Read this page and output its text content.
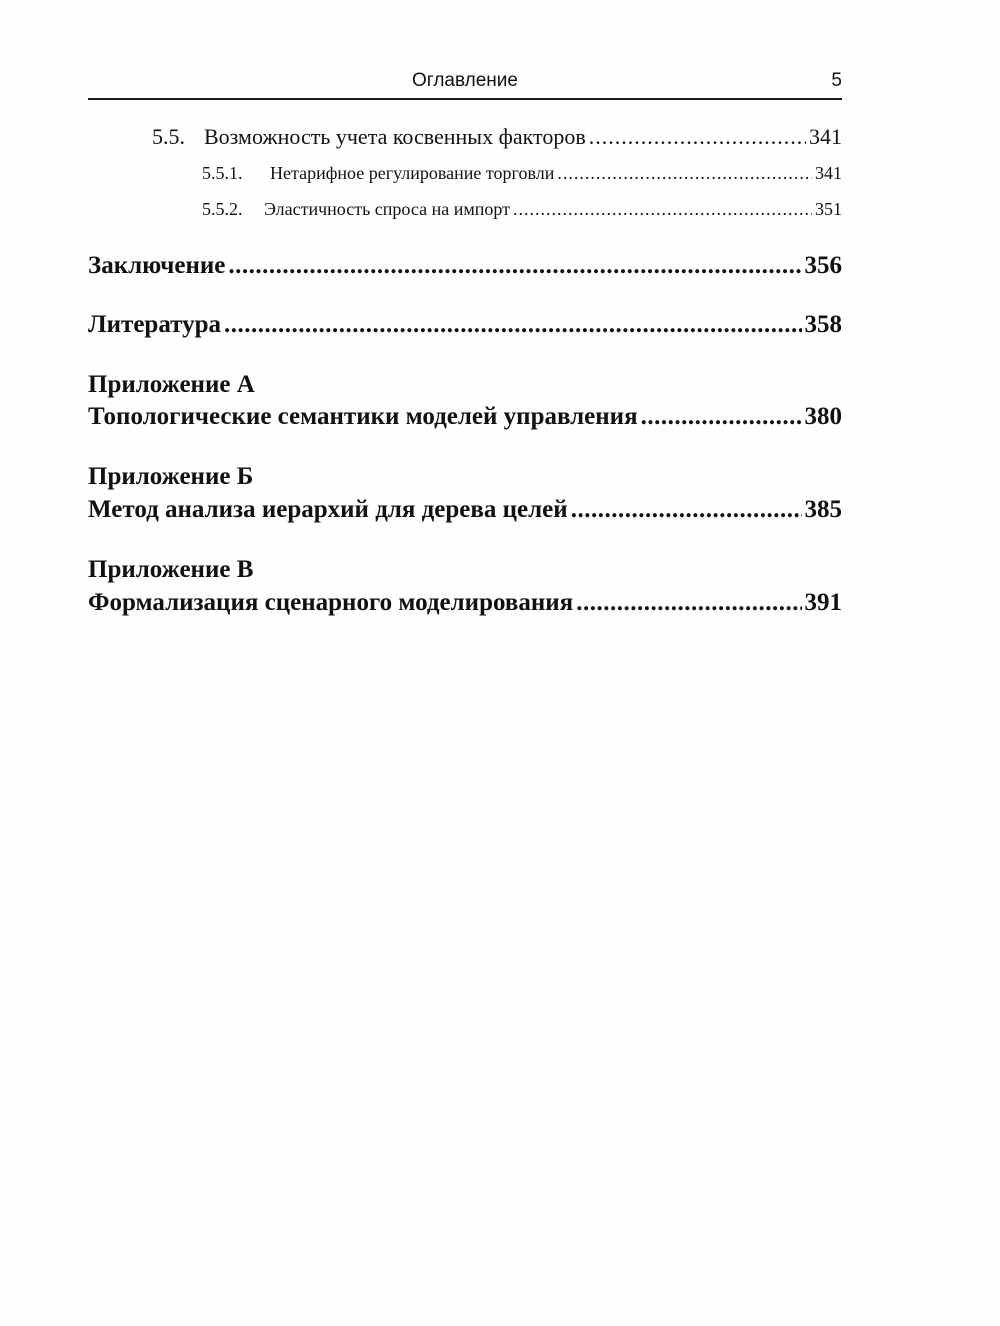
Оглавление	5
5.5. Возможность учета косвенных факторов .....	341
5.5.1.	Нетарифное регулирование торговли .....	341
5.5.2.	Эластичность спроса на импорт .....	351
Заключение .....	356
Литература .....	358
Приложение А
Топологические семантики моделей управления .....	380
Приложение Б
Метод анализа иерархий для дерева целей .....	385
Приложение В
Формализация сценарного моделирования .....	391
